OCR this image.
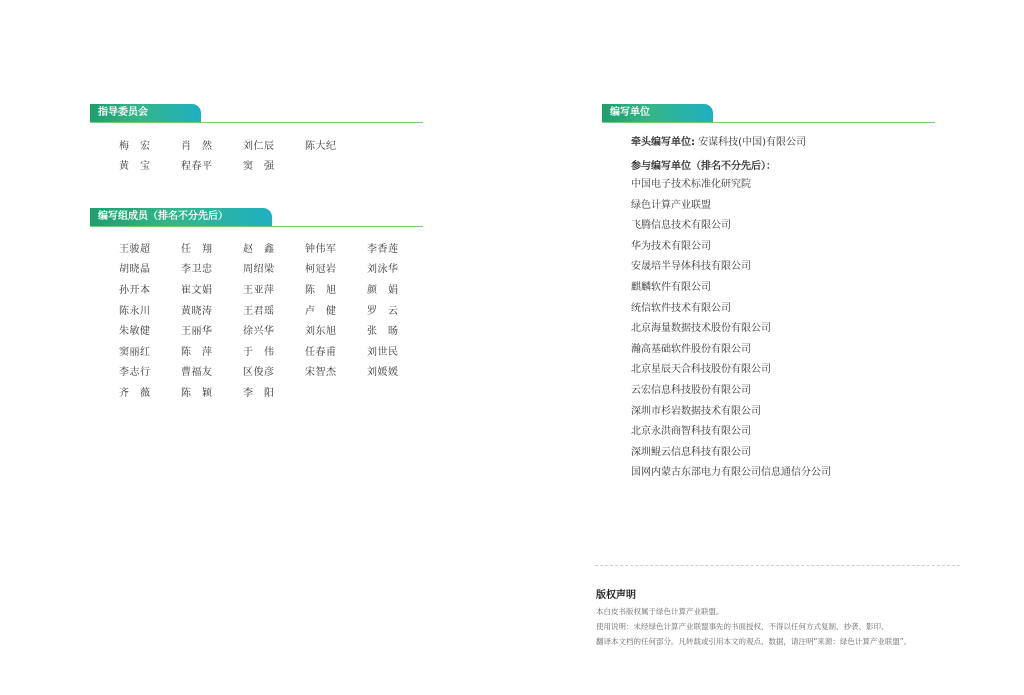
指导委员会
梅　宏	肖　然	刘仁辰	陈大纪
黄　宝	程春平	窦　强
编写组成员（排名不分先后）
王骏超	任　翔	赵　鑫	钟伟军	李香莲
胡晓晶	李卫忠	周绍梁	柯冠岩	刘泳华
孙开本	崔文娟	王亚萍	陈　旭	颜　娟
陈永川	黄晓涛	王君瑶	卢　健	罗　云
朱敏健	王丽华	徐兴华	刘东旭	张　旸
窦丽红	陈　萍	于　伟	任春甫	刘世民
李志行	曹福友	区俊彦	宋智杰	刘媛媛
齐　薇	陈　颖	李　阳
编写单位
牵头编写单位: 安谋科技(中国)有限公司
参与编写单位（排名不分先后）：
中国电子技术标准化研究院
绿色计算产业联盟
飞腾信息技术有限公司
华为技术有限公司
安晟培半导体科技有限公司
麒麟软件有限公司
统信软件技术有限公司
北京海量数据技术股份有限公司
瀚高基础软件股份有限公司
北京星辰天合科技股份有限公司
云宏信息科技股份有限公司
深圳市杉岩数据技术有限公司
北京永洪商智科技有限公司
深圳鲲云信息科技有限公司
国网内蒙古东部电力有限公司信息通信分公司
版权声明
本白皮书版权属于绿色计算产业联盟。
使用说明：未经绿色计算产业联盟事先的书面授权，不得以任何方式复制、抄袭、影印、
翻译本文档的任何部分。凡转载或引用本文的观点、数据，请注明“来源：绿色计算产业联盟”。
